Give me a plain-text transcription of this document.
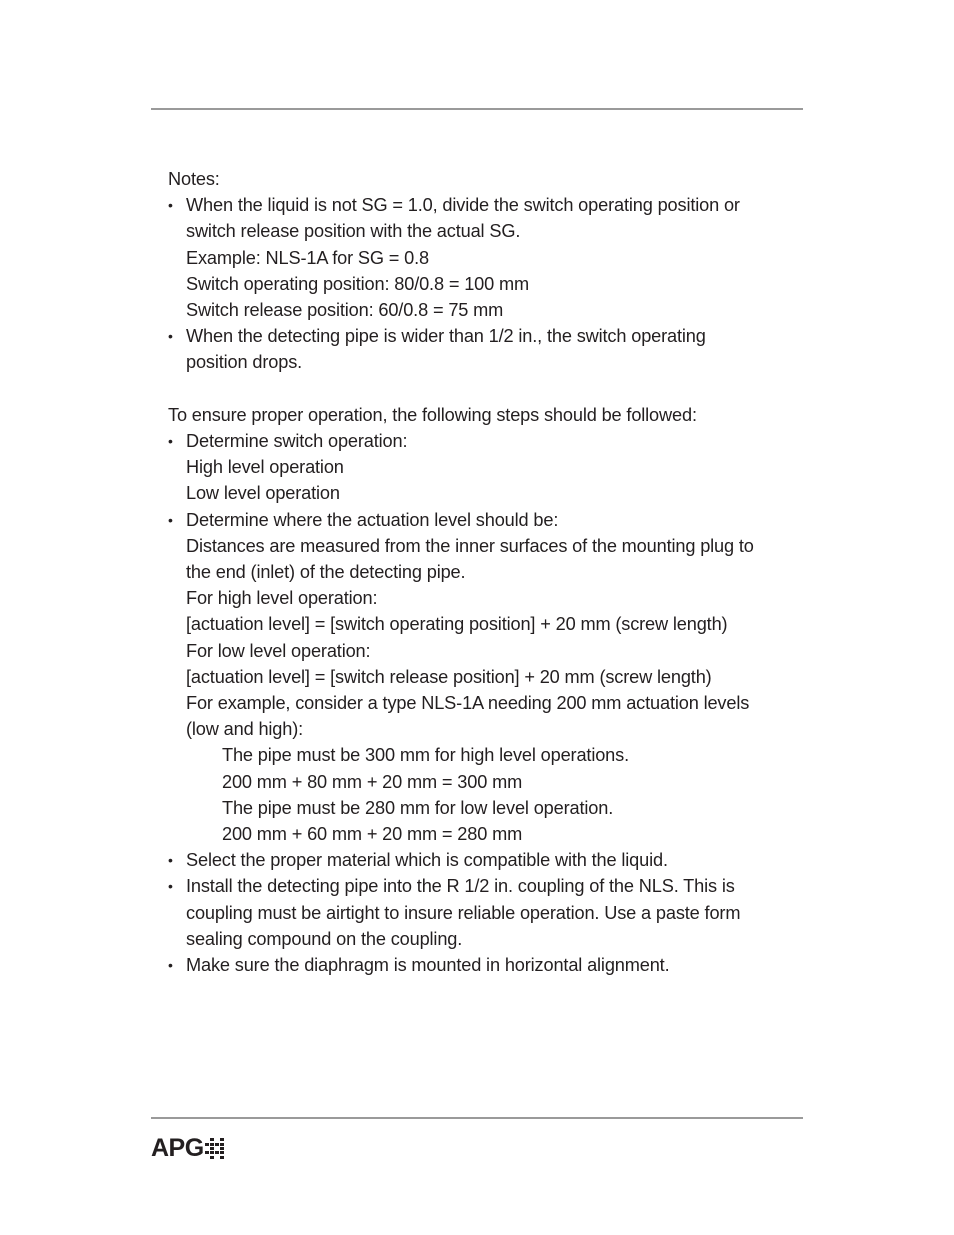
Notes:
• When the liquid is not SG = 1.0, divide the switch operating position or
switch release position with the actual SG.
Example: NLS-1A for SG = 0.8
Switch operating position: 80/0.8 = 100 mm
Switch release position: 60/0.8 = 75 mm
• When the detecting pipe is wider than 1/2 in., the switch operating
position drops.
To ensure proper operation, the following steps should be followed:
• Determine switch operation:
High level operation
Low level operation
• Determine where the actuation level should be:
Distances are measured from the inner surfaces of the mounting plug to
the end (inlet) of the detecting pipe.
For high level operation:
[actuation level] = [switch operating position] + 20 mm (screw length)
For low level operation:
[actuation level] = [switch release position] + 20 mm (screw length)
For example, consider a type NLS-1A needing 200 mm actuation levels
(low and high):
The pipe must be 300 mm for high level operations.
200 mm + 80 mm + 20 mm = 300 mm
The pipe must be 280 mm for low level operation.
200 mm + 60 mm + 20 mm = 280 mm
• Select the proper material which is compatible with the liquid.
• Install the detecting pipe into the R 1/2 in. coupling of the NLS. This is
coupling must be airtight to insure reliable operation. Use a paste form
sealing compound on the coupling.
• Make sure the diaphragm is mounted in horizontal alignment.
APG
